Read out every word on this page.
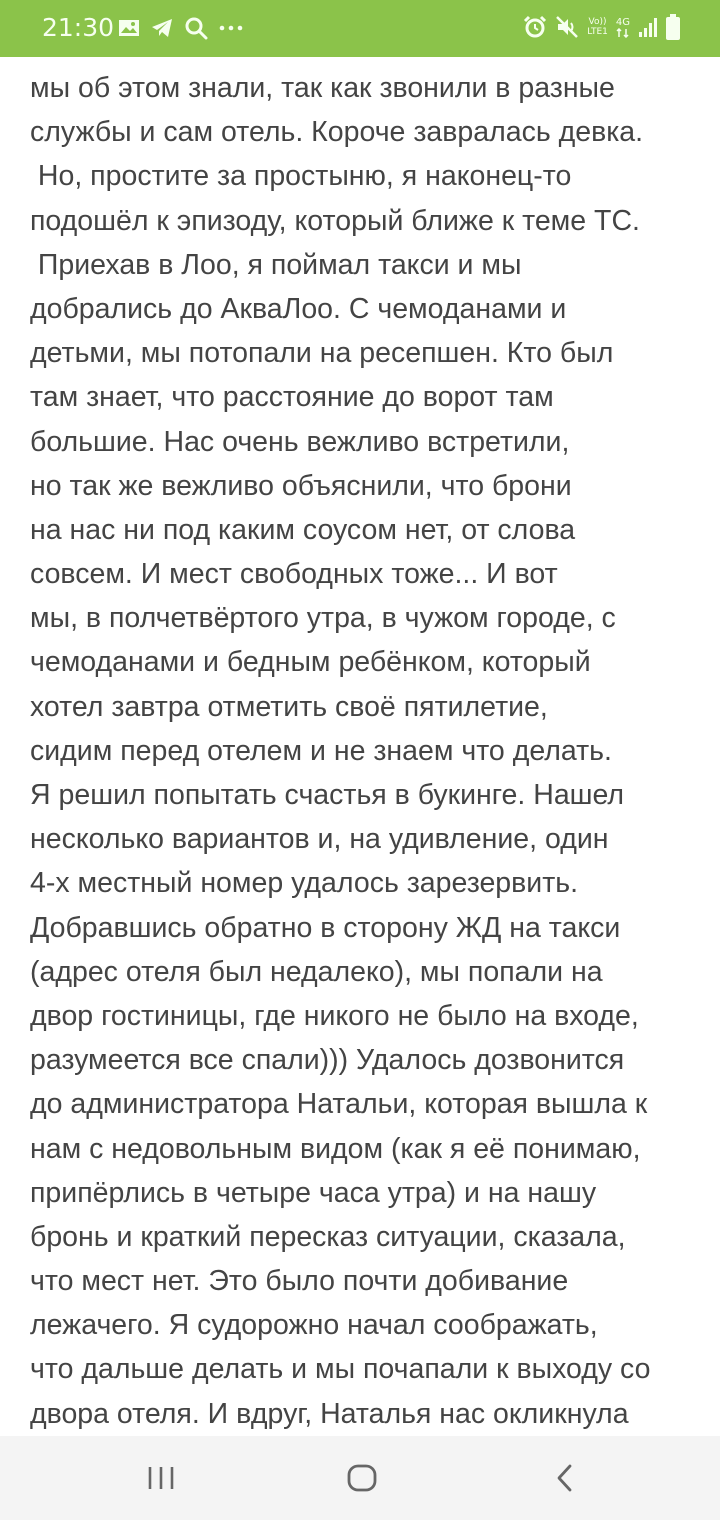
21:30	Vo))
LTE1
4G
мы об этом знали, так как звонили в разные
службы и сам отель. Короче завралась девка.
Но, простите за простыню, я наконец-то
подошёл к эпизоду, который ближе к теме ТС.
Приехав в Лоо, я поймал такси и мы
добрались до АкваЛоо. С чемоданами и
детьми, мы потопали на ресепшен. Кто был
там знает, что расстояние до ворот там
большие. Нас очень вежливо встретили,
но так же вежливо объяснили, что брони
на нас ни под каким соусом нет, от слова
совсем. И мест свободных тоже... И вот
мы, в полчетвёртого утра, в чужом городе, с
чемоданами и бедным ребёнком, который
хотел завтра отметить своё пятилетие,
сидим перед отелем и не знаем что делать.
Я решил попытать счастья в букинге. Нашел
несколько вариантов и, на удивление, один
4-х местный номер удалось зарезервить.
Добравшись обратно в сторону ЖД на такси
(адрес отеля был недалеко), мы попали на
двор гостиницы, где никого не было на входе,
разумеется все спали))) Удалось дозвонится
до администратора Натальи, которая вышла к
нам с недовольным видом (как я её понимаю,
припёрлись в четыре часа утра) и на нашу
бронь и краткий пересказ ситуации, сказала,
что мест нет. Это было почти добивание
лежачего. Я судорожно начал соображать,
что дальше делать и мы почапали к выходу со
двора отеля. И вдруг, Наталья нас окликнула
